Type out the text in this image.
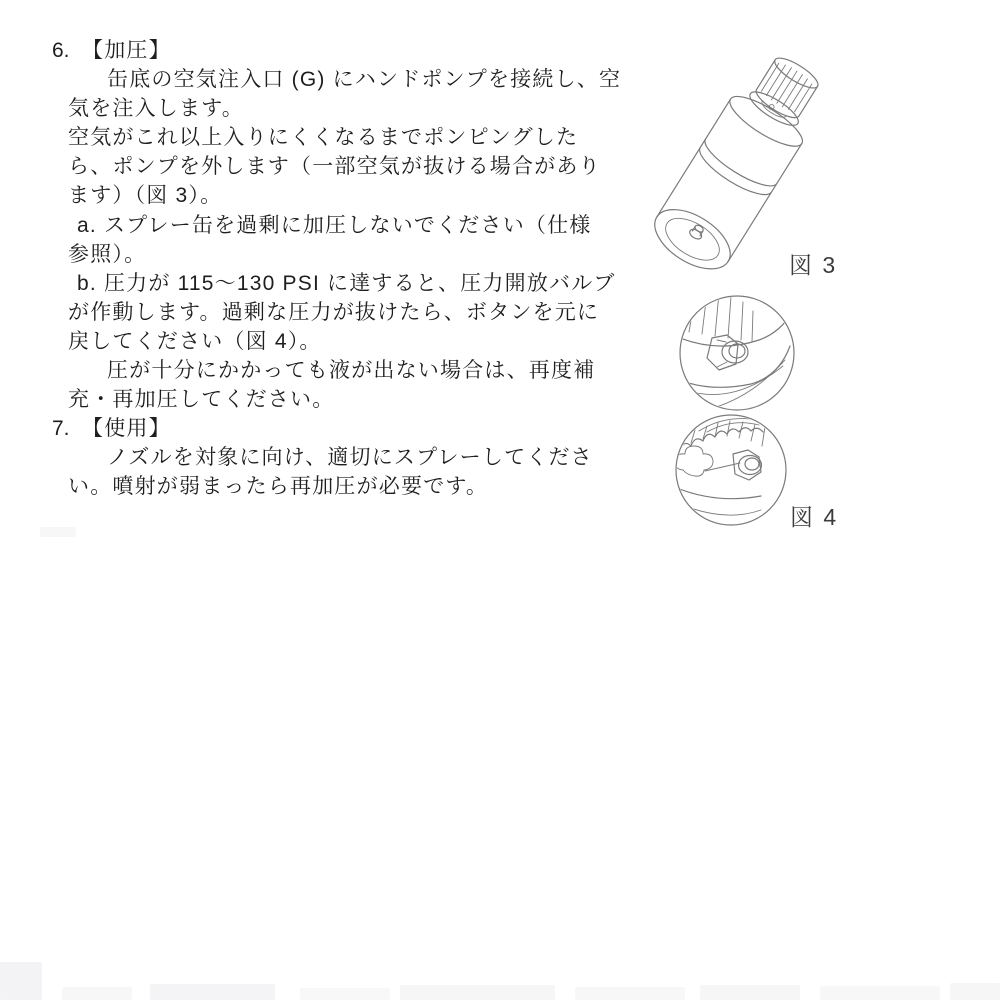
6. 【加圧】
缶底の空気注入口 (G) にハンドポンプを接続し、空
気を注入します。
空気がこれ以上入りにくくなるまでポンピングした
ら、ポンプを外します（一部空気が抜ける場合があり
ます）（図 3）。
a. スプレー缶を過剰に加圧しないでください（仕様
参照）。
b. 圧力が 115～130 PSI に達すると、圧力開放バルブ
が作動します。過剰な圧力が抜けたら、ボタンを元に
戻してください（図 4）。
圧が十分にかかっても液が出ない場合は、再度補
充・再加圧してください。
7. 【使用】
ノズルを対象に向け、適切にスプレーしてくださ
い。噴射が弱まったら再加圧が必要です。
図 3
図 4
